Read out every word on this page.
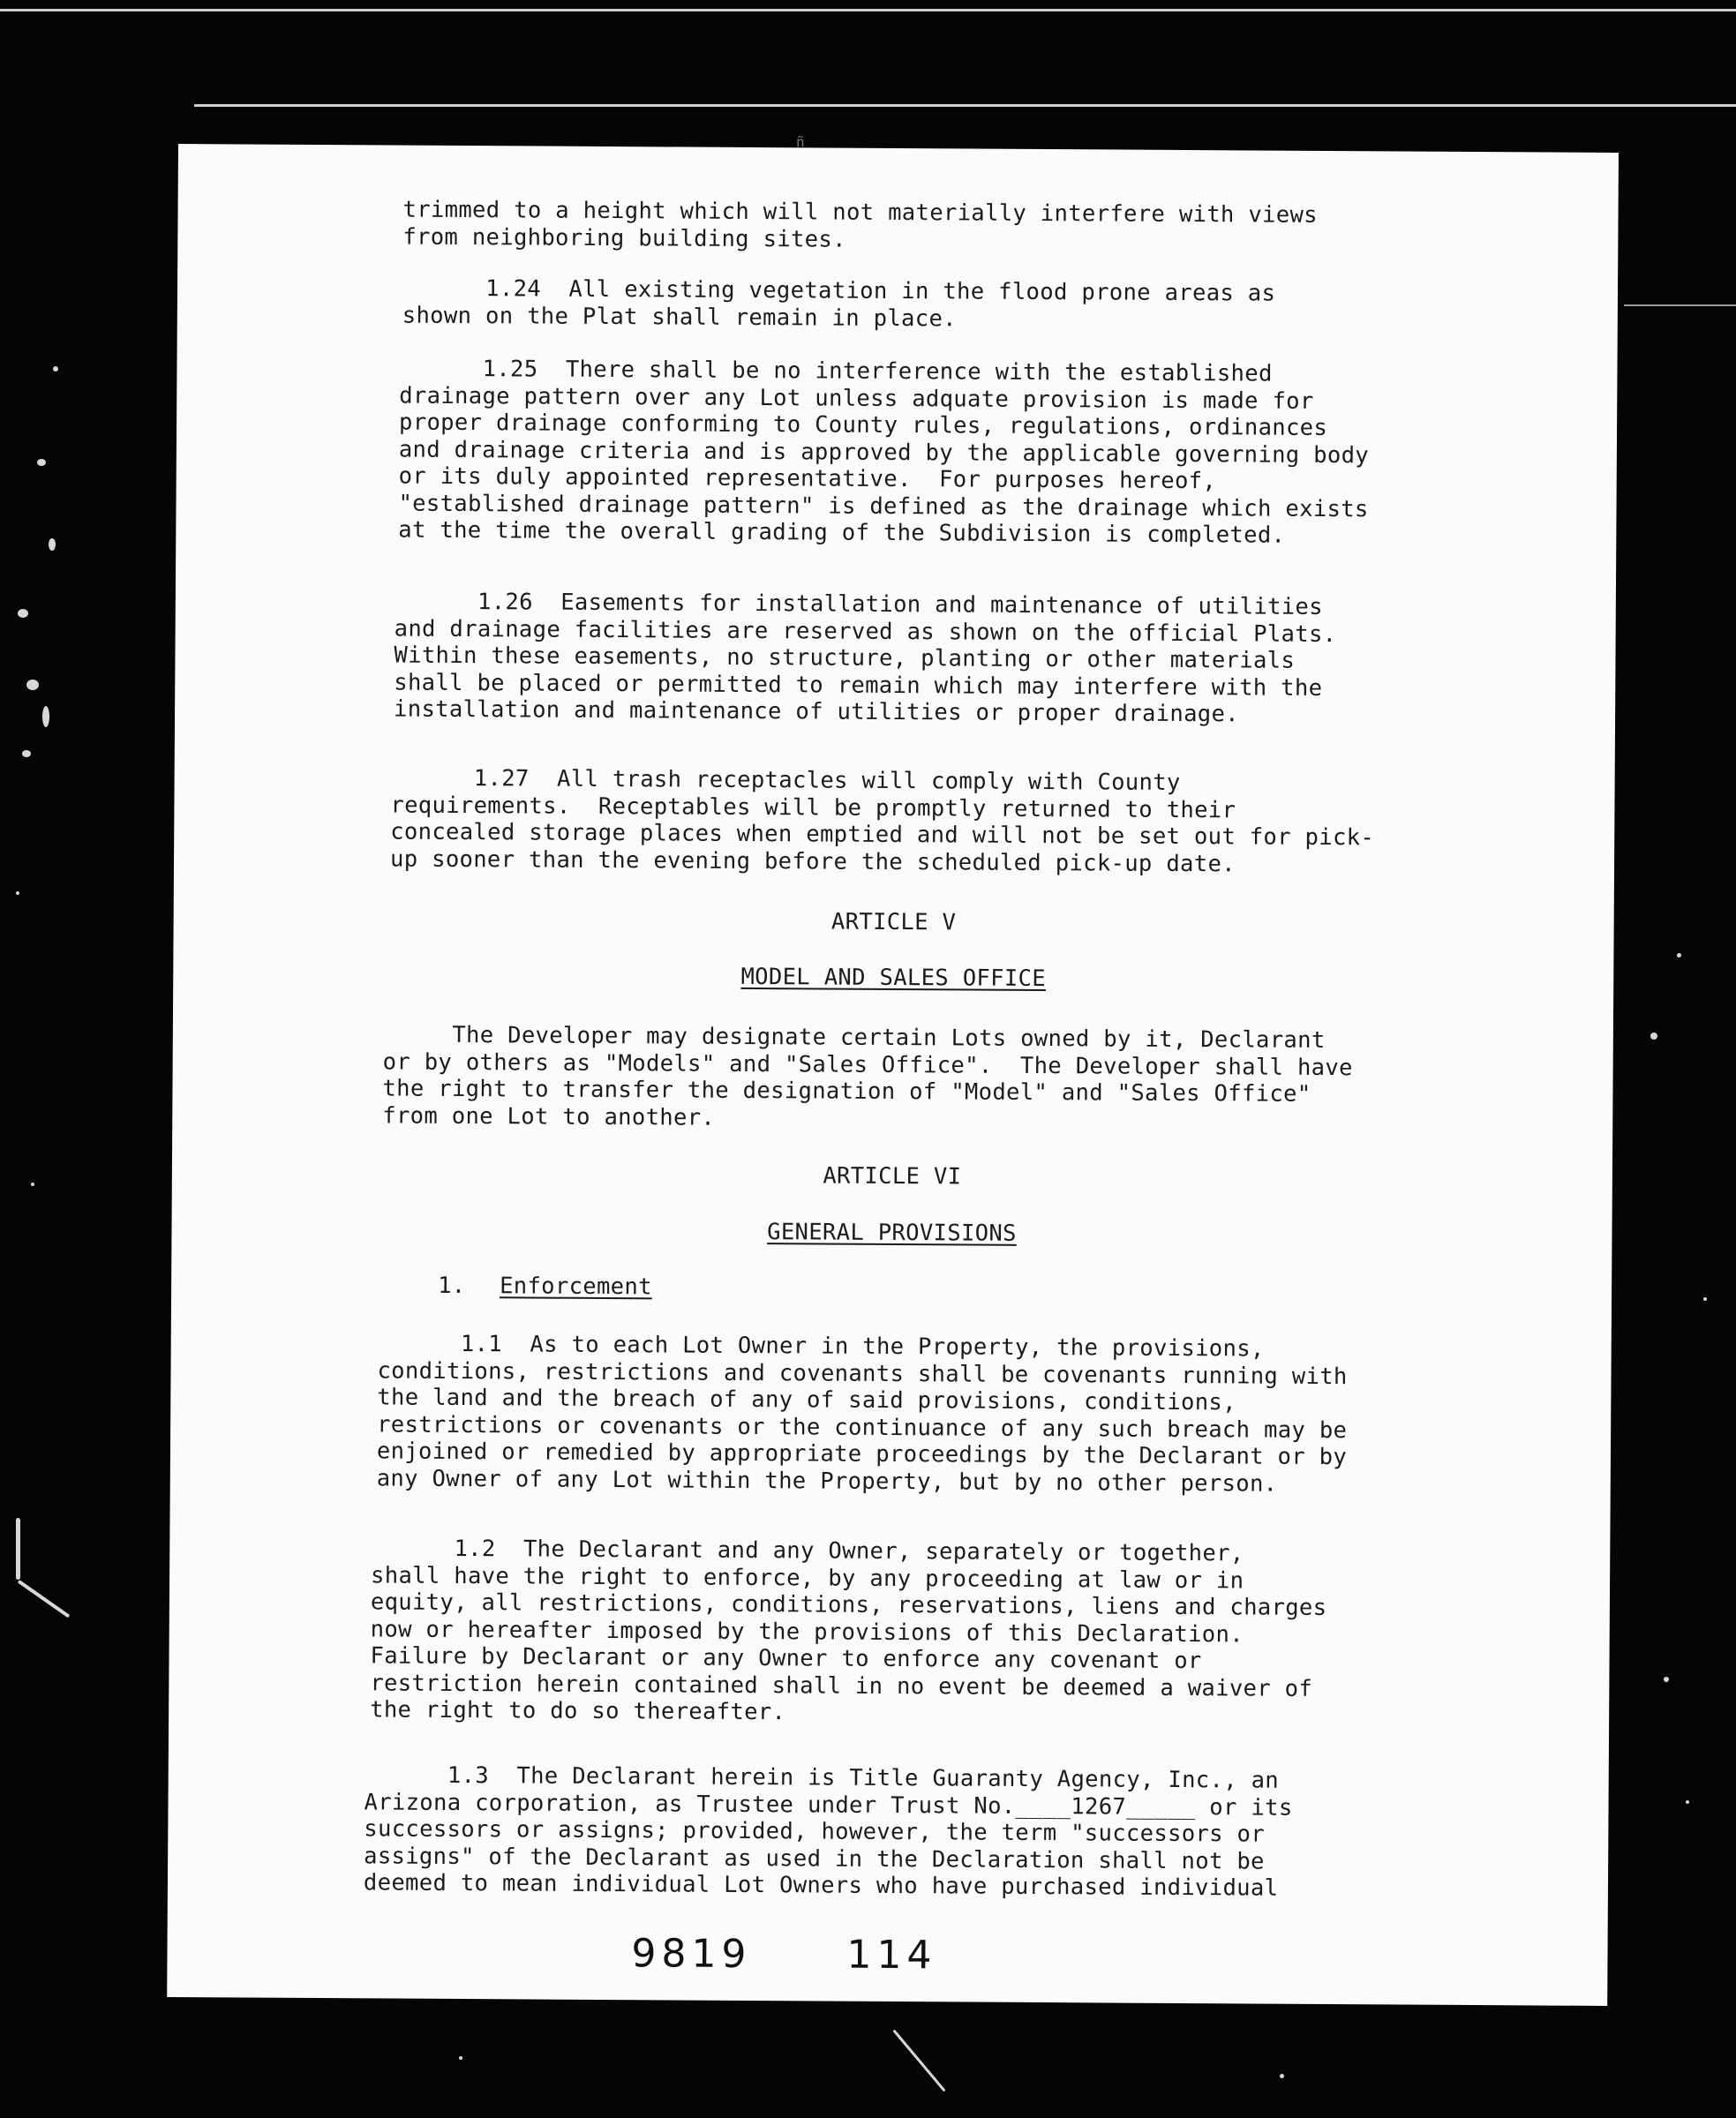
ñ

trimmed to a height which will not materially interfere with views
from neighboring building sites.

1.24  All existing vegetation in the flood prone areas as
shown on the Plat shall remain in place.

1.25  There shall be no interference with the established
drainage pattern over any Lot unless adquate provision is made for
proper drainage conforming to County rules, regulations, ordinances
and drainage criteria and is approved by the applicable governing body
or its duly appointed representative.  For purposes hereof,
"established drainage pattern" is defined as the drainage which exists
at the time the overall grading of the Subdivision is completed.

1.26  Easements for installation and maintenance of utilities
and drainage facilities are reserved as shown on the official Plats.
Within these easements, no structure, planting or other materials
shall be placed or permitted to remain which may interfere with the
installation and maintenance of utilities or proper drainage.

1.27  All trash receptacles will comply with County
requirements.  Receptables will be promptly returned to their
concealed storage places when emptied and will not be set out for pick-
up sooner than the evening before the scheduled pick-up date.

ARTICLE V

MODEL AND SALES OFFICE

The Developer may designate certain Lots owned by it, Declarant
or by others as "Models" and "Sales Office".  The Developer shall have
the right to transfer the designation of "Model" and "Sales Office"
from one Lot to another.

ARTICLE VI

GENERAL PROVISIONS

1. Enforcement

1.1  As to each Lot Owner in the Property, the provisions,
conditions, restrictions and covenants shall be covenants running with
the land and the breach of any of said provisions, conditions,
restrictions or covenants or the continuance of any such breach may be
enjoined or remedied by appropriate proceedings by the Declarant or by
any Owner of any Lot within the Property, but by no other person.

1.2  The Declarant and any Owner, separately or together,
shall have the right to enforce, by any proceeding at law or in
equity, all restrictions, conditions, reservations, liens and charges
now or hereafter imposed by the provisions of this Declaration.
Failure by Declarant or any Owner to enforce any covenant or
restriction herein contained shall in no event be deemed a waiver of
the right to do so thereafter.

1.3  The Declarant herein is Title Guaranty Agency, Inc., an
Arizona corporation, as Trustee under Trust No.____1267_____ or its
successors or assigns; provided, however, the term "successors or
assigns" of the Declarant as used in the Declaration shall not be
deemed to mean individual Lot Owners who have purchased individual

9819 114
